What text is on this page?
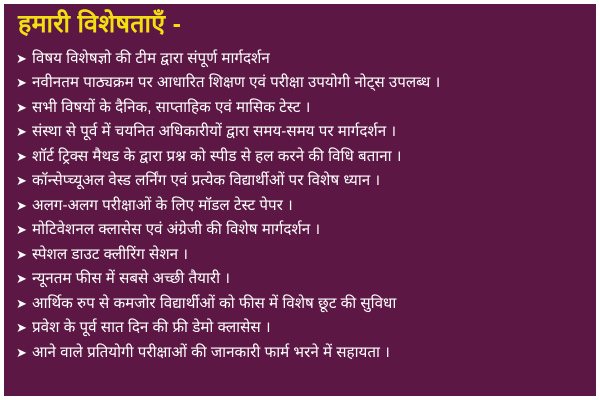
हमारी विशेषताएँ -
➤ विषय विशेषज्ञो की टीम द्वारा संपूर्ण मार्गदर्शन
➤ नवीनतम पाठ्यक्रम पर आधारित शिक्षण एवं परीक्षा उपयोगी नोट्स उपलब्ध ।
➤ सभी विषयों के दैनिक, साप्ताहिक एवं मासिक टेस्ट ।
➤ संस्था से पूर्व में चयनित अधिकारीयों द्वारा समय-समय पर मार्गदर्शन ।
➤ शॉर्ट ट्रिक्स मैथड के द्वारा प्रश्न को स्पीड से हल करने की विधि बताना ।
➤ कॉन्सेप्च्यूअल वेस्ड लर्निंग एवं प्रत्येक विद्यार्थीओं पर विशेष ध्यान ।
➤ अलग-अलग परीक्षाओं के लिए मॉडल टेस्ट पेपर ।
➤ मोटिवेशनल क्लासेस एवं अंग्रेजी की विशेष मार्गदर्शन ।
➤ स्पेशल डाउट क्लीरिंग सेशन ।
➤ न्यूनतम फीस में सबसे अच्छी तैयारी ।
➤ आर्थिक रुप से कमजोर विद्यार्थीओं को फीस में विशेष छूट की सुविधा
➤ प्रवेश के पूर्व सात दिन की फ्री डेमो क्लासेस ।
➤ आने वाले प्रतियोगी परीक्षाओं की जानकारी फार्म भरने में सहायता ।
